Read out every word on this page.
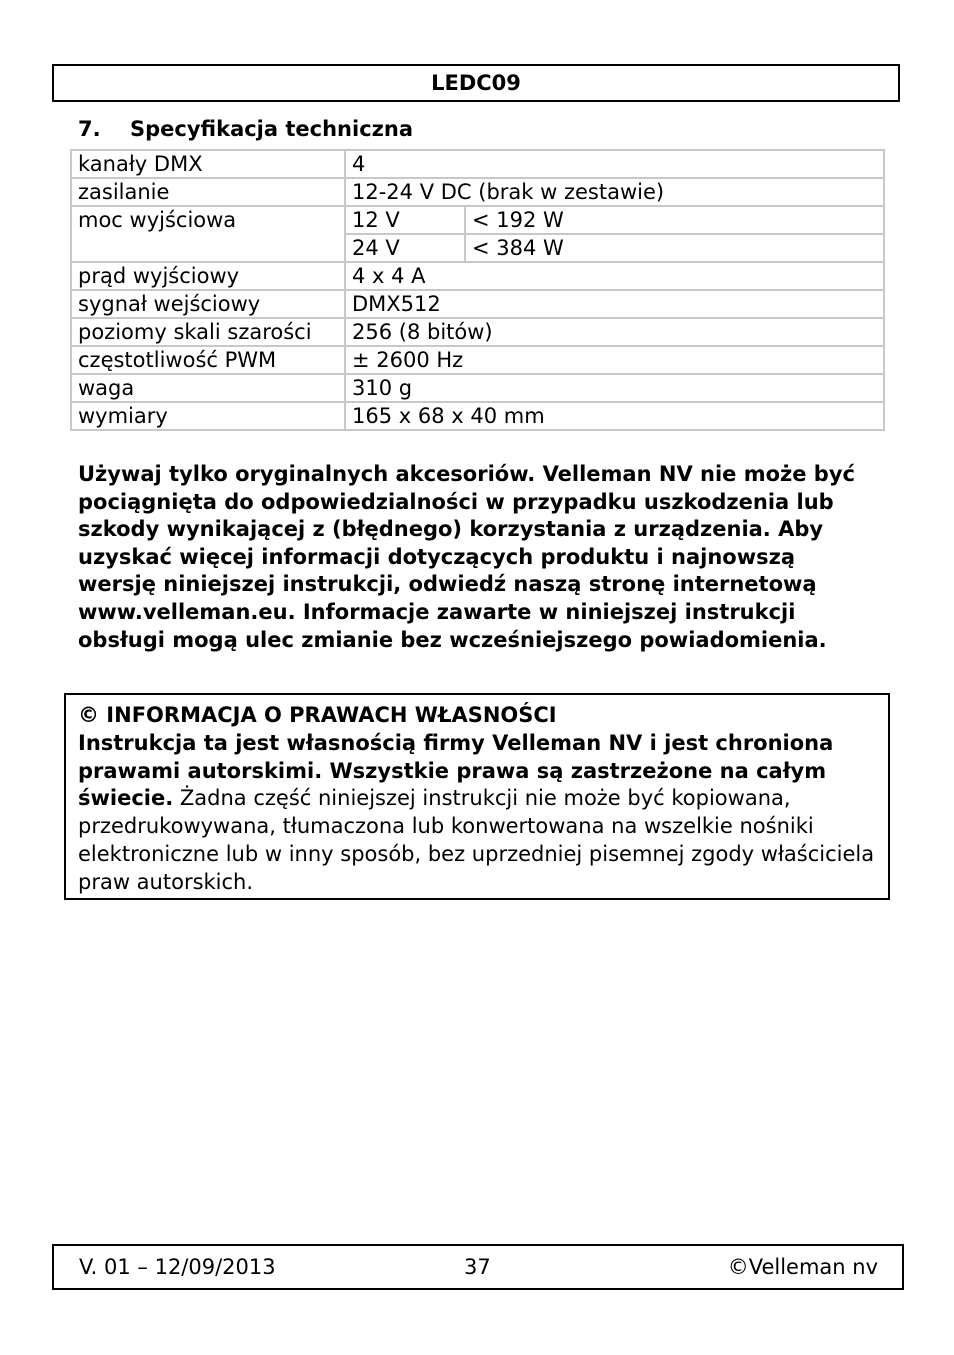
LEDC09
7.	Specyfikacja techniczna
kanały DMX	4	
zasilanie	12-24 V DC (brak w zestawie)	
moc wyjściowa	12 V	< 192 W
	24 V	< 384 W
prąd wyjściowy	4 x 4 A	
sygnał wejściowy	DMX512	
poziomy skali szarości	256 (8 bitów)	
częstotliwość PWM	± 2600 Hz	
waga	310 g	
wymiary	165 x 68 x 40 mm	
Używaj tylko oryginalnych akcesoriów. Velleman NV nie może być pociągnięta do odpowiedzialności w przypadku uszkodzenia lub szkody wynikającej z (błędnego) korzystania z urządzenia. Aby uzyskać więcej informacji dotyczących produktu i najnowszą wersję niniejszej instrukcji, odwiedź naszą stronę internetową www.velleman.eu. Informacje zawarte w niniejszej instrukcji obsługi mogą ulec zmianie bez wcześniejszego powiadomienia.
© INFORMACJA O PRAWACH WŁASNOŚCI
Instrukcja ta jest własnością firmy Velleman NV i jest chroniona prawami autorskimi. Wszystkie prawa są zastrzeżone na całym świecie. Żadna część niniejszej instrukcji nie może być kopiowana, przedrukowywana, tłumaczona lub konwertowana na wszelkie nośniki elektroniczne lub w inny sposób, bez uprzedniej pisemnej zgody właściciela praw autorskich.
V. 01 – 12/09/2013	37	©Velleman nv
